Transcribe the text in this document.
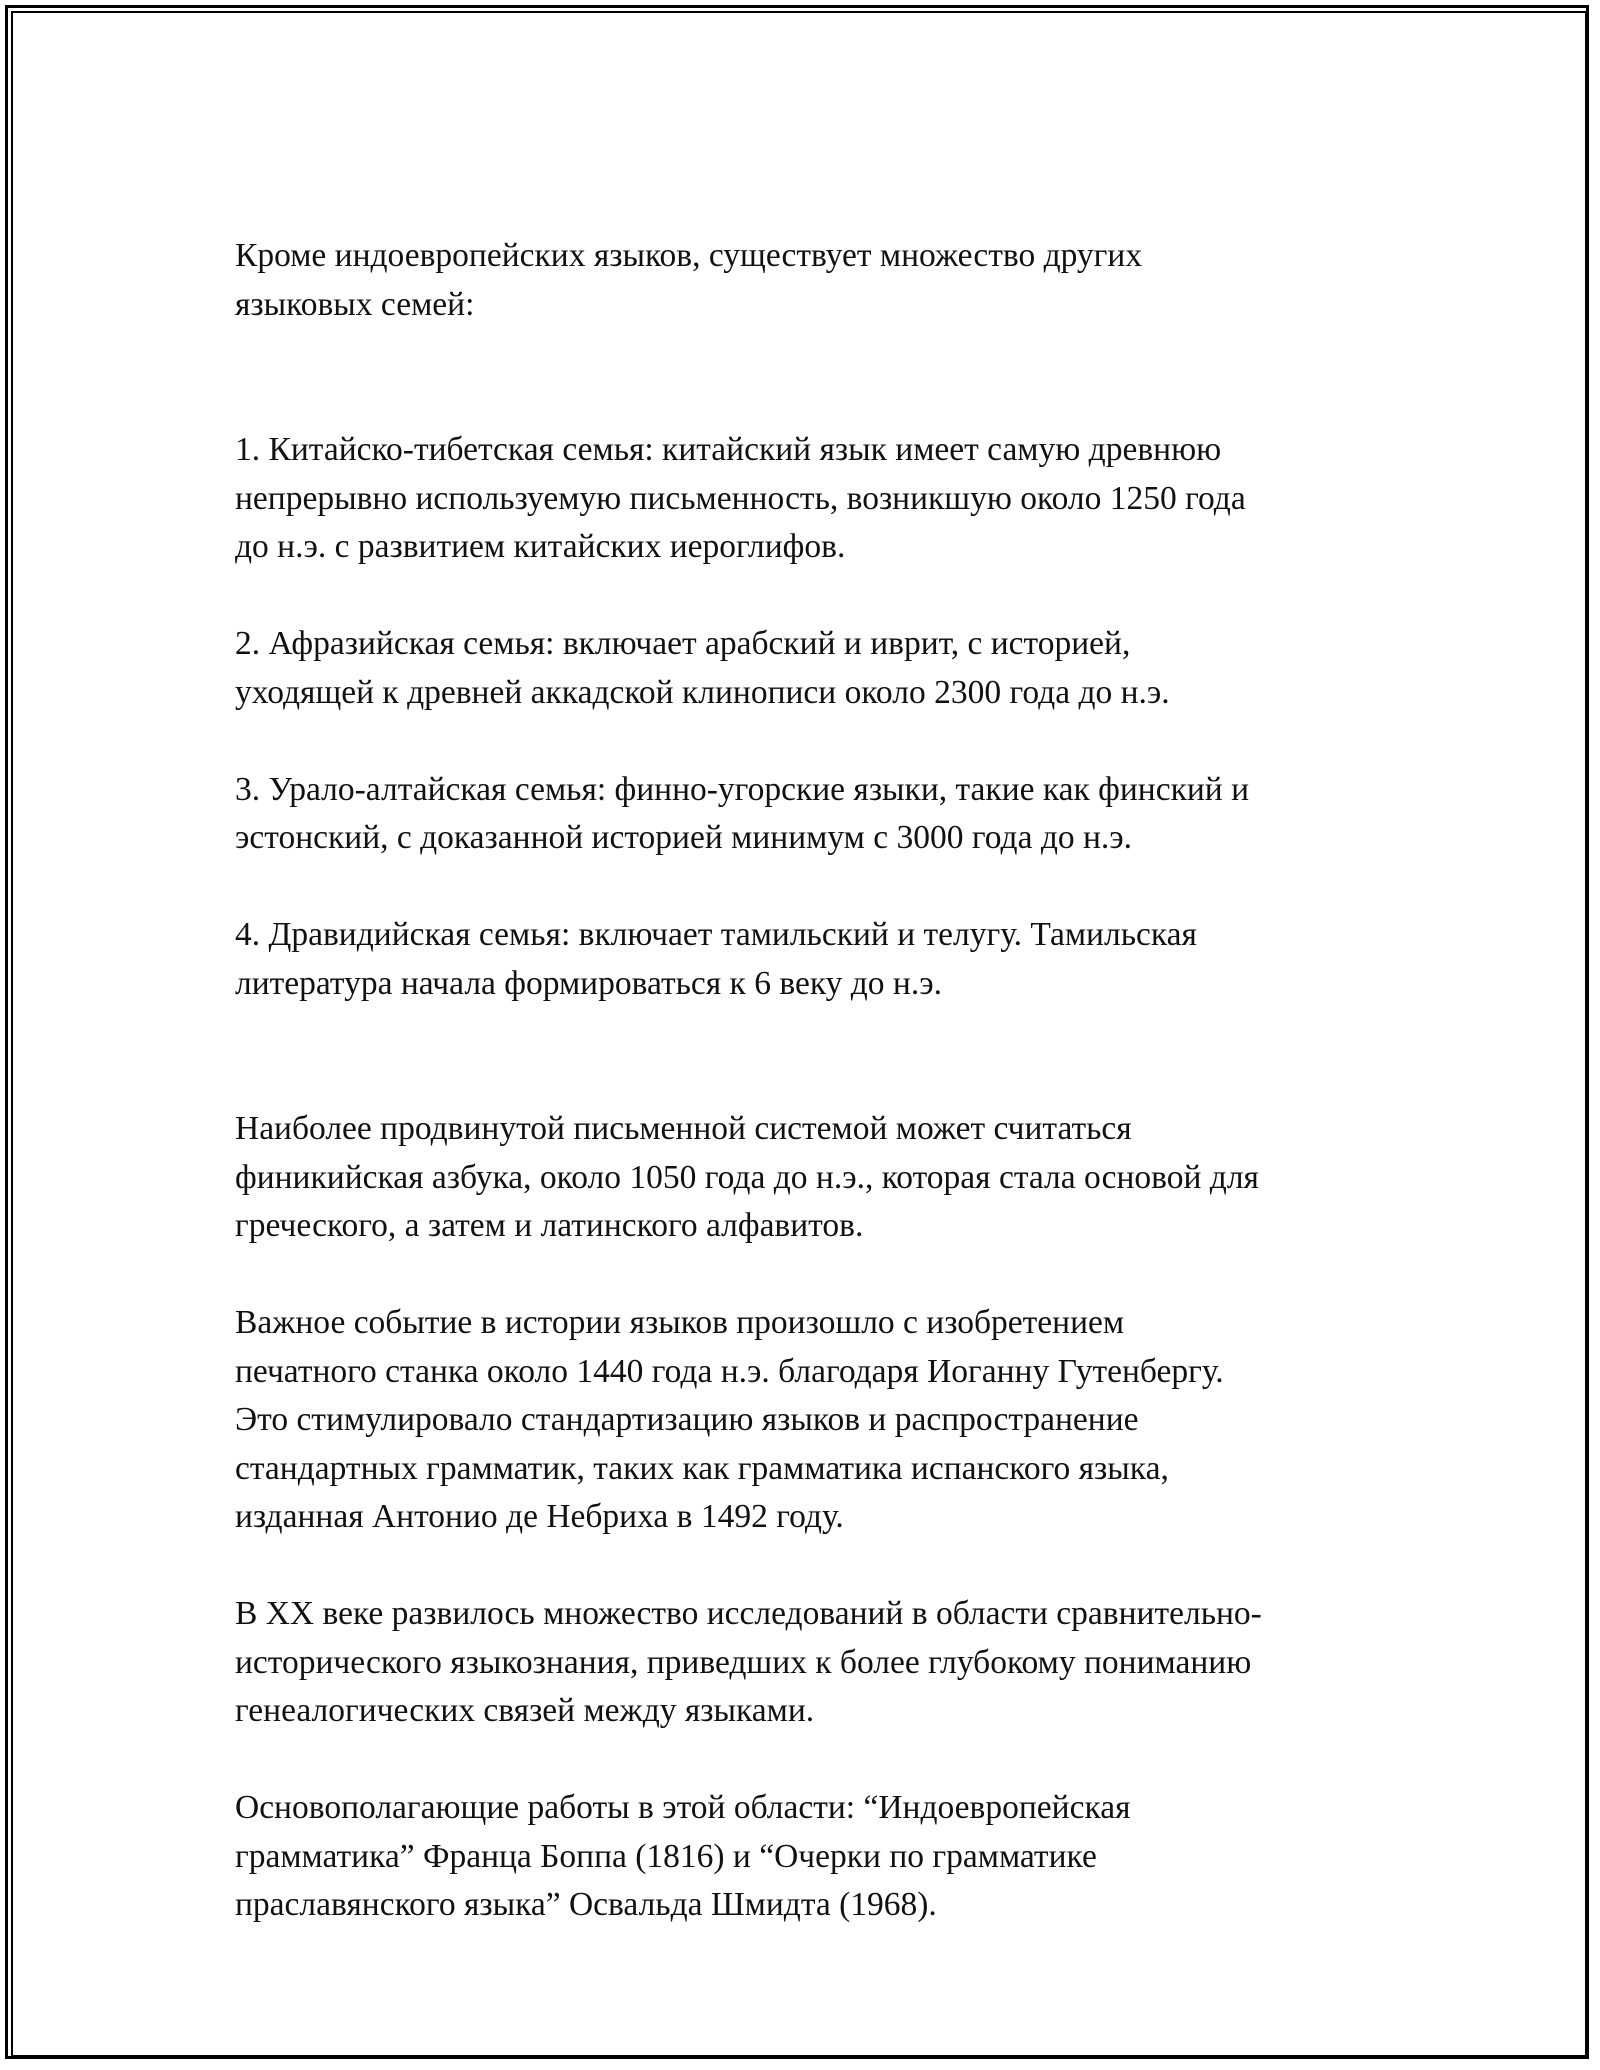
Кроме индоевропейских языков, существует множество других
языковых семей:

1. Китайско-тибетская семья: китайский язык имеет самую древнюю
непрерывно используемую письменность, возникшую около 1250 года
до н.э. с развитием китайских иероглифов.

2. Афразийская семья: включает арабский и иврит, с историей,
уходящей к древней аккадской клинописи около 2300 года до н.э.

3. Урало-алтайская семья: финно-угорские языки, такие как финский и
эстонский, с доказанной историей минимум с 3000 года до н.э.

4. Дравидийская семья: включает тамильский и телугу. Тамильская
литература начала формироваться к 6 веку до н.э.

Наиболее продвинутой письменной системой может считаться
финикийская азбука, около 1050 года до н.э., которая стала основой для
греческого, а затем и латинского алфавитов.

Важное событие в истории языков произошло с изобретением
печатного станка около 1440 года н.э. благодаря Иоганну Гутенбергу.
Это стимулировало стандартизацию языков и распространение
стандартных грамматик, таких как грамматика испанского языка,
изданная Антонио де Небриха в 1492 году.

В XX веке развилось множество исследований в области сравнительно-
исторического языкознания, приведших к более глубокому пониманию
генеалогических связей между языками.

Основополагающие работы в этой области: “Индоевропейская
грамматика” Франца Боппа (1816) и “Очерки по грамматике
праславянского языка” Освальда Шмидта (1968).
